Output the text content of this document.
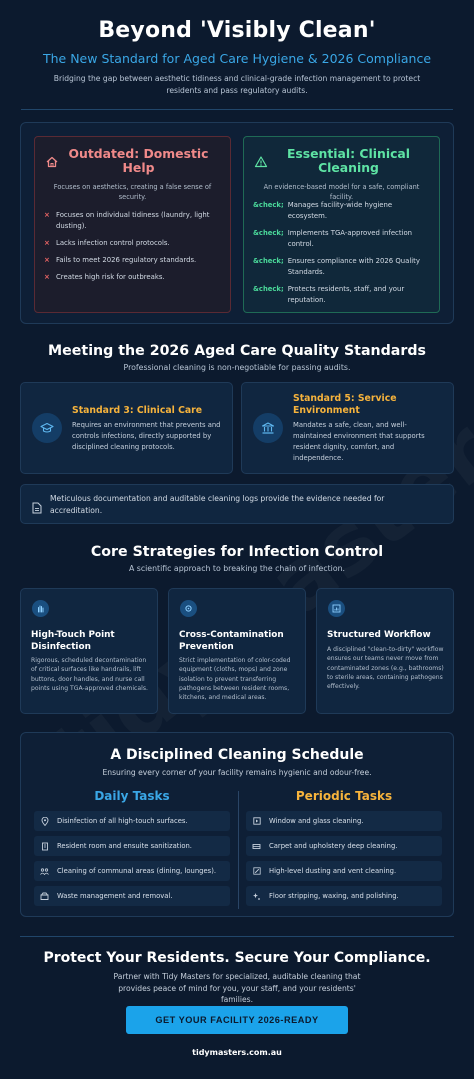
Beyond 'Visibly Clean'
The New Standard for Aged Care Hygiene & 2026 Compliance
Bridging the gap between aesthetic tidiness and clinical-grade infection management to protect residents and pass regulatory audits.
Outdated: Domestic Help
Focuses on aesthetics, creating a false sense of security.
× Focuses on individual tidiness (laundry, light dusting).
× Lacks infection control protocols.
× Fails to meet 2026 regulatory standards.
× Creates high risk for outbreaks.
Essential: Clinical Cleaning
An evidence-based model for a safe, compliant facility.
&check; Manages facility-wide hygiene ecosystem.
&check; Implements TGA-approved infection control.
&check; Ensures compliance with 2026 Quality Standards.
&check; Protects residents, staff, and your reputation.
Meeting the 2026 Aged Care Quality Standards

Professional cleaning is non-negotiable for passing audits.

Standard 3: Clinical Care
Requires an environment that prevents and controls infections, directly supported by disciplined cleaning protocols.
Standard 5: Service Environment
Mandates a safe, clean, and well-maintained environment that supports resident dignity, comfort, and independence.
Meticulous documentation and auditable cleaning logs provide the evidence needed for accreditation.
Core Strategies for Infection Control

A scientific approach to breaking the chain of infection.

High-Touch Point Disinfection
Rigorous, scheduled decontamination of critical surfaces like handrails, lift buttons, door handles, and nurse call points using TGA-approved chemicals.
Cross-Contamination Prevention
Strict implementation of color-coded equipment (cloths, mops) and zone isolation to prevent transferring pathogens between resident rooms, kitchens, and medical areas.
Structured Workflow
A disciplined "clean-to-dirty" workflow ensures our teams never move from contaminated zones (e.g., bathrooms) to sterile areas, containing pathogens effectively.
A Disciplined Cleaning Schedule
Ensuring every corner of your facility remains hygienic and odour-free.
Daily Tasks
Disinfection of all high-touch surfaces.
Resident room and ensuite sanitization.
Cleaning of communal areas (dining, lounges).
Waste management and removal.
Periodic Tasks
Window and glass cleaning.
Carpet and upholstery deep cleaning.
High-level dusting and vent cleaning.
Floor stripping, waxing, and polishing.
Protect Your Residents. Secure Your Compliance.
Partner with Tidy Masters for specialized, auditable cleaning that provides peace of mind for you, your staff, and your residents' families.
GET YOUR FACILITY 2026-READY
tidymasters.com.au
